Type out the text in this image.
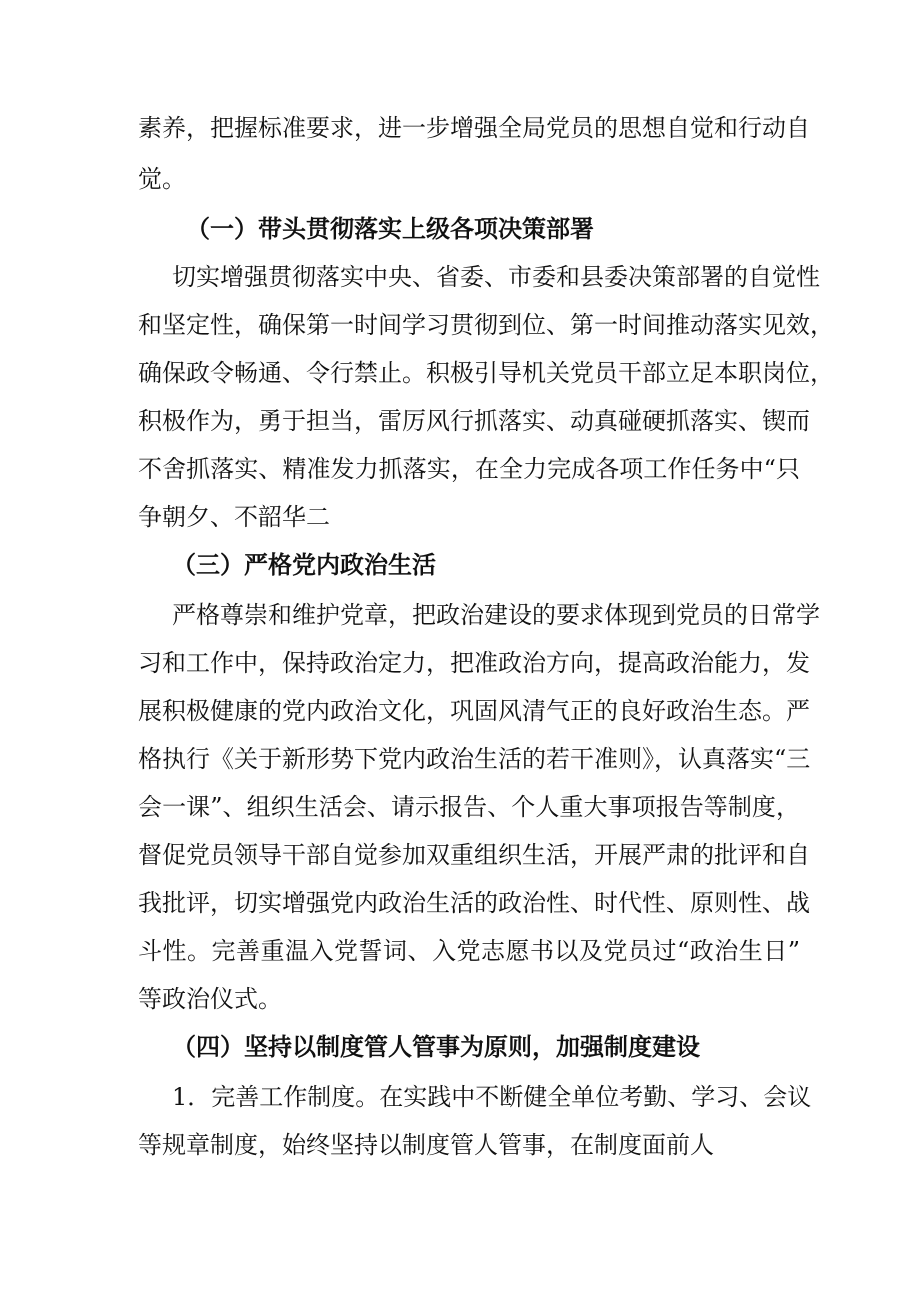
素养，把握标准要求，进一步增强全局党员的思想自觉和行动自
觉。
（一）带头贯彻落实上级各项决策部署
切实增强贯彻落实中央、省委、市委和县委决策部署的自觉性
和坚定性，确保第一时间学习贯彻到位、第一时间推动落实见效，
确保政令畅通、令行禁止。积极引导机关党员干部立足本职岗位，
积极作为，勇于担当，雷厉风行抓落实、动真碰硬抓落实、锲而
不舍抓落实、精准发力抓落实，在全力完成各项工作任务中“只
争朝夕、不韶华二
（三）严格党内政治生活
严格尊崇和维护党章，把政治建设的要求体现到党员的日常学
习和工作中，保持政治定力，把准政治方向，提高政治能力，发
展积极健康的党内政治文化，巩固风清气正的良好政治生态。严
格执行《关于新形势下党内政治生活的若干准则》，认真落实“三
会一课”、组织生活会、请示报告、个人重大事项报告等制度，
督促党员领导干部自觉参加双重组织生活，开展严肃的批评和自
我批评，切实增强党内政治生活的政治性、时代性、原则性、战
斗性。完善重温入党誓词、入党志愿书以及党员过“政治生日”
等政治仪式。
（四）坚持以制度管人管事为原则，加强制度建设
1．完善工作制度。在实践中不断健全单位考勤、学习、会议
等规章制度，始终坚持以制度管人管事，在制度面前人
